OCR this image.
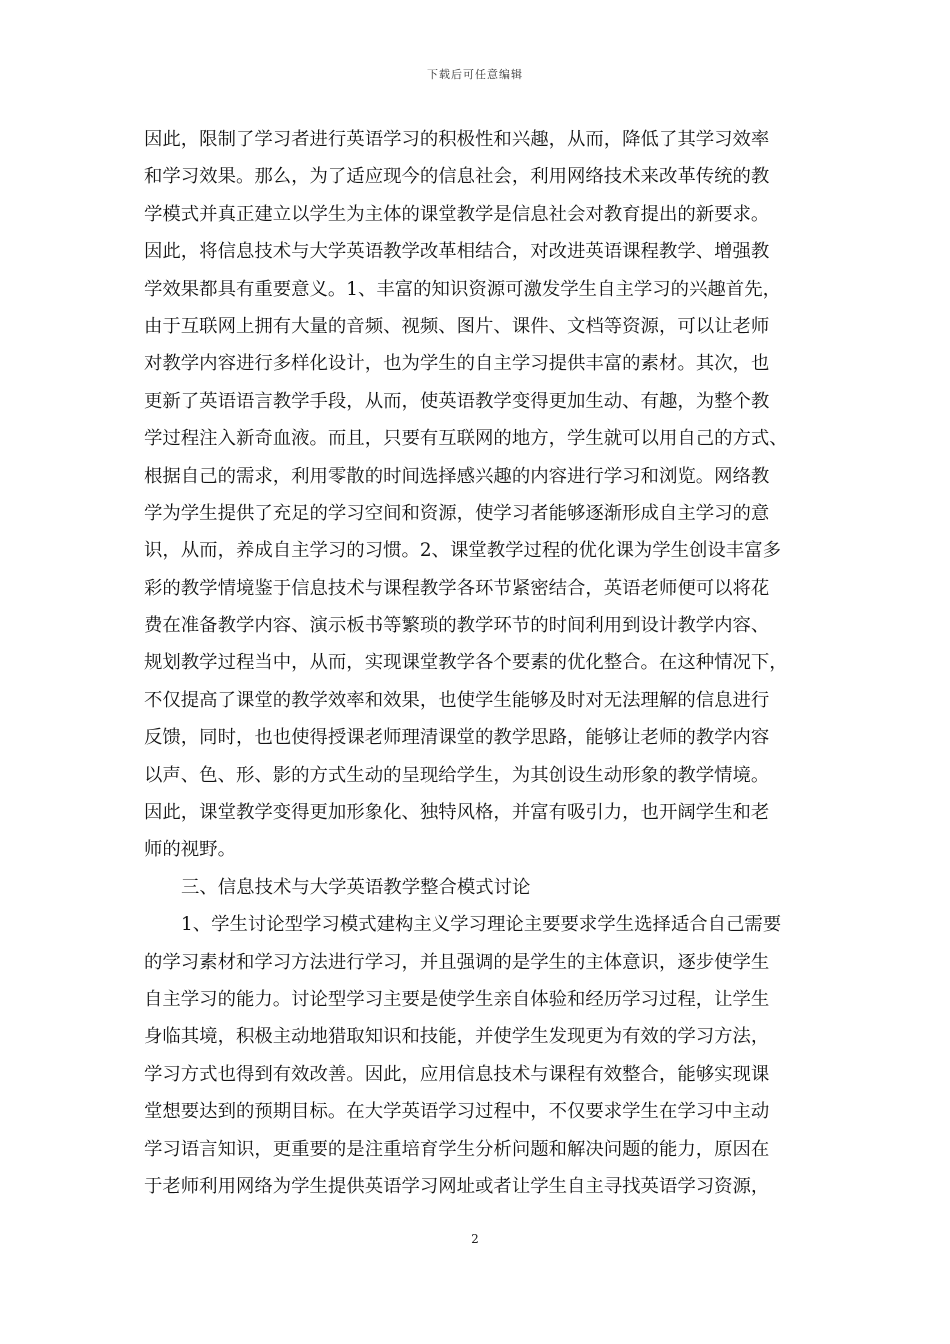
下载后可任意编辑
因此，限制了学习者进行英语学习的积极性和兴趣，从而，降低了其学习效率
和学习效果。那么，为了适应现今的信息社会，利用网络技术来改革传统的教
学模式并真正建立以学生为主体的课堂教学是信息社会对教育提出的新要求。
因此，将信息技术与大学英语教学改革相结合，对改进英语课程教学、增强教
学效果都具有重要意义。1、丰富的知识资源可激发学生自主学习的兴趣首先，
由于互联网上拥有大量的音频、视频、图片、课件、文档等资源，可以让老师
对教学内容进行多样化设计，也为学生的自主学习提供丰富的素材。其次，也
更新了英语语言教学手段，从而，使英语教学变得更加生动、有趣，为整个教
学过程注入新奇血液。而且，只要有互联网的地方，学生就可以用自己的方式、
根据自己的需求，利用零散的时间选择感兴趣的内容进行学习和浏览。网络教
学为学生提供了充足的学习空间和资源，使学习者能够逐渐形成自主学习的意
识，从而，养成自主学习的习惯。2、课堂教学过程的优化课为学生创设丰富多
彩的教学情境鉴于信息技术与课程教学各环节紧密结合，英语老师便可以将花
费在准备教学内容、演示板书等繁琐的教学环节的时间利用到设计教学内容、
规划教学过程当中，从而，实现课堂教学各个要素的优化整合。在这种情况下，
不仅提高了课堂的教学效率和效果，也使学生能够及时对无法理解的信息进行
反馈，同时，也也使得授课老师理清课堂的教学思路，能够让老师的教学内容
以声、色、形、影的方式生动的呈现给学生，为其创设生动形象的教学情境。
因此，课堂教学变得更加形象化、独特风格，并富有吸引力，也开阔学生和老
师的视野。
三、信息技术与大学英语教学整合模式讨论
1、学生讨论型学习模式建构主义学习理论主要要求学生选择适合自己需要
的学习素材和学习方法进行学习，并且强调的是学生的主体意识，逐步使学生
自主学习的能力。讨论型学习主要是使学生亲自体验和经历学习过程，让学生
身临其境，积极主动地猎取知识和技能，并使学生发现更为有效的学习方法，
学习方式也得到有效改善。因此，应用信息技术与课程有效整合，能够实现课
堂想要达到的预期目标。在大学英语学习过程中，不仅要求学生在学习中主动
学习语言知识，更重要的是注重培育学生分析问题和解决问题的能力，原因在
于老师利用网络为学生提供英语学习网址或者让学生自主寻找英语学习资源，
2
